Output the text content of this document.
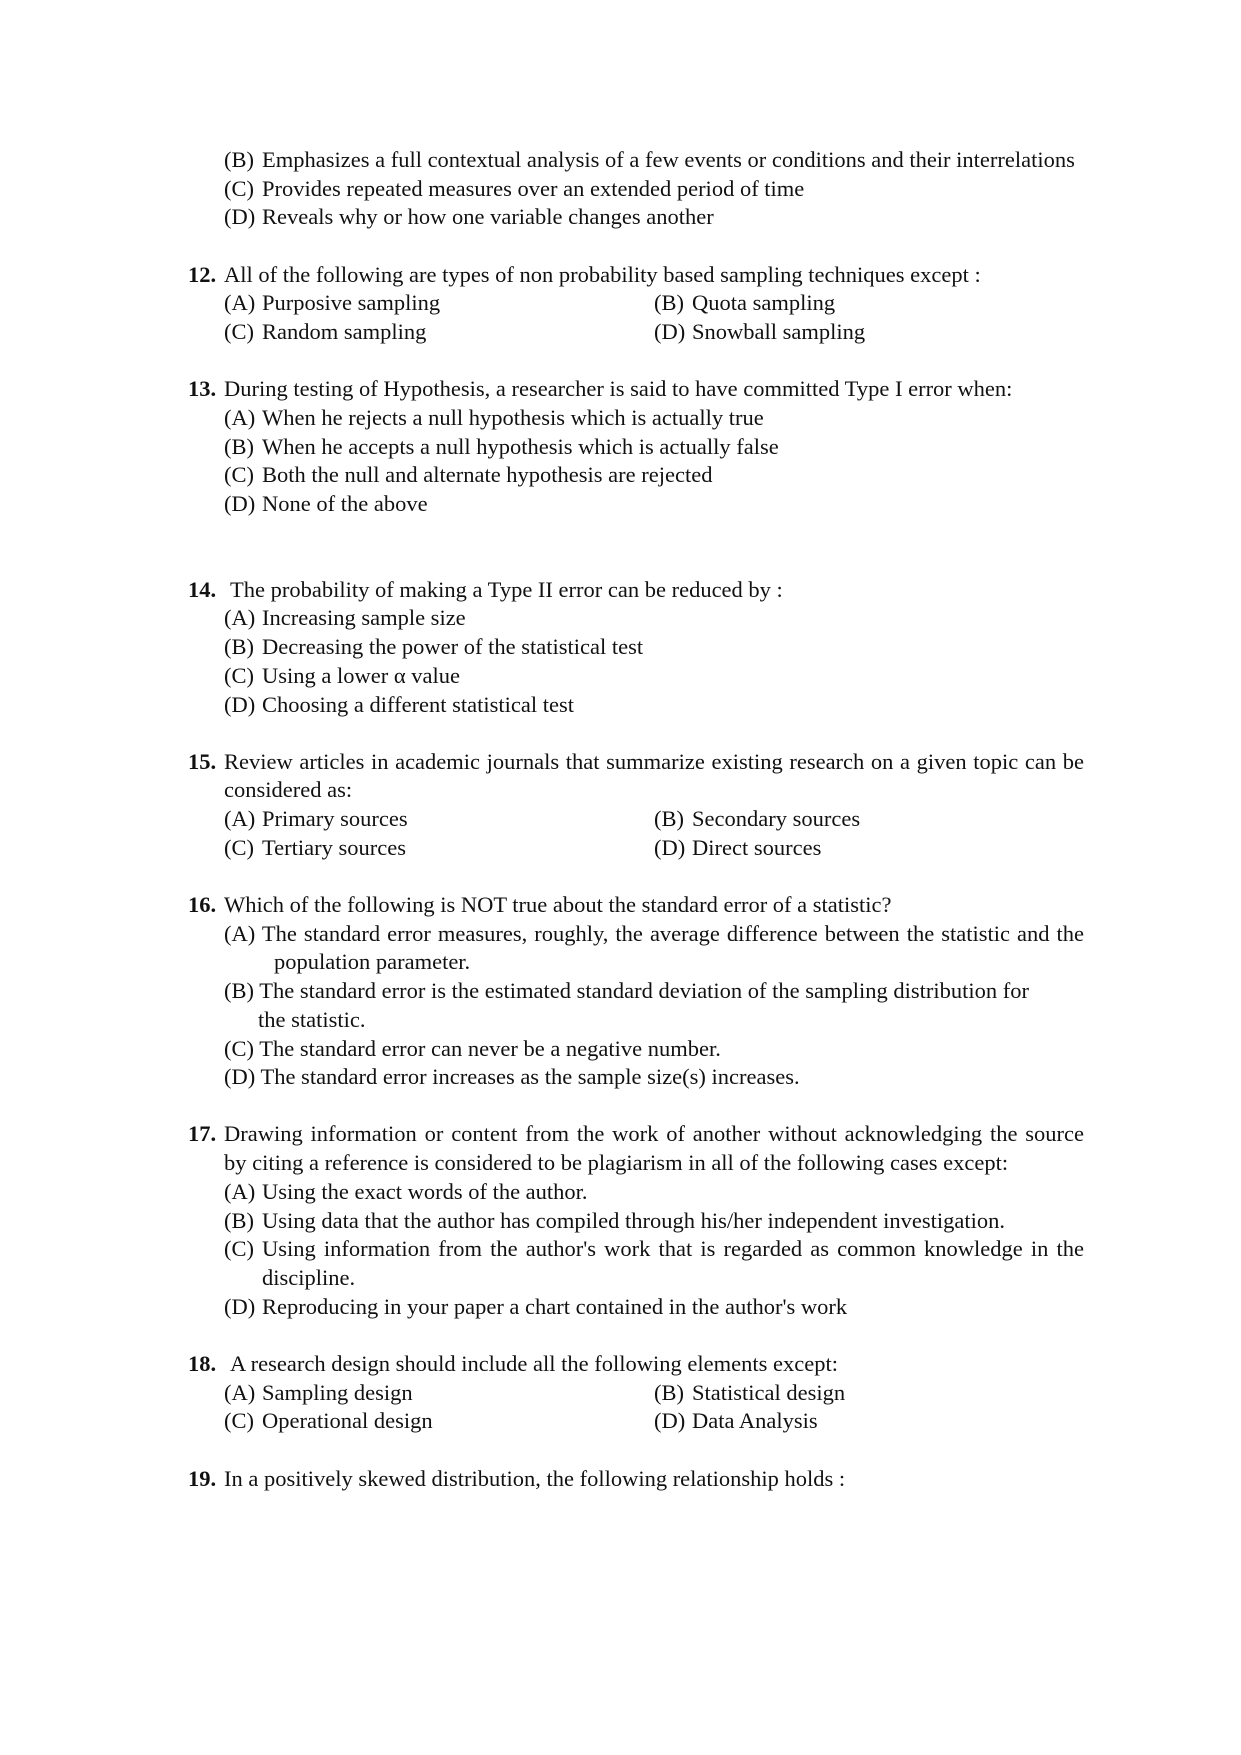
(B) Emphasizes a full contextual analysis of a few events or conditions and their interrelations
(C) Provides repeated measures over an extended period of time
(D) Reveals why or how one variable changes another
12. All of the following are types of non probability based sampling techniques except :
(A) Purposive sampling	(B) Quota sampling
(C) Random sampling	(D) Snowball sampling
13. During testing of Hypothesis, a researcher is said to have committed Type I error when:
(A) When he rejects a null hypothesis which is actually true
(B) When he accepts a null hypothesis which is actually false
(C) Both the null and alternate hypothesis are rejected
(D) None of the above
14. The probability of making a Type II error can be reduced by :
(A) Increasing sample size
(B) Decreasing the power of the statistical test
(C) Using a lower α value
(D) Choosing a different statistical test
15. Review articles in academic journals that summarize existing research on a given topic can be considered as:
(A) Primary sources	(B) Secondary sources
(C) Tertiary sources	(D) Direct sources
16. Which of the following is NOT true about the standard error of a statistic?
(A) The standard error measures, roughly, the average difference between the statistic and the population parameter.
(B) The standard error is the estimated standard deviation of the sampling distribution for
the statistic.
(C) The standard error can never be a negative number.
(D) The standard error increases as the sample size(s) increases.
17. Drawing information or content from the work of another without acknowledging the source by citing a reference is considered to be plagiarism in all of the following cases except:
(A) Using the exact words of the author.
(B) Using data that the author has compiled through his/her independent investigation.
(C) Using information from the author's work that is regarded as common knowledge in the discipline.
(D) Reproducing in your paper a chart contained in the author's work
18. A research design should include all the following elements except:
(A) Sampling design	(B) Statistical design
(C) Operational design	(D) Data Analysis
19. In a positively skewed distribution, the following relationship holds :
